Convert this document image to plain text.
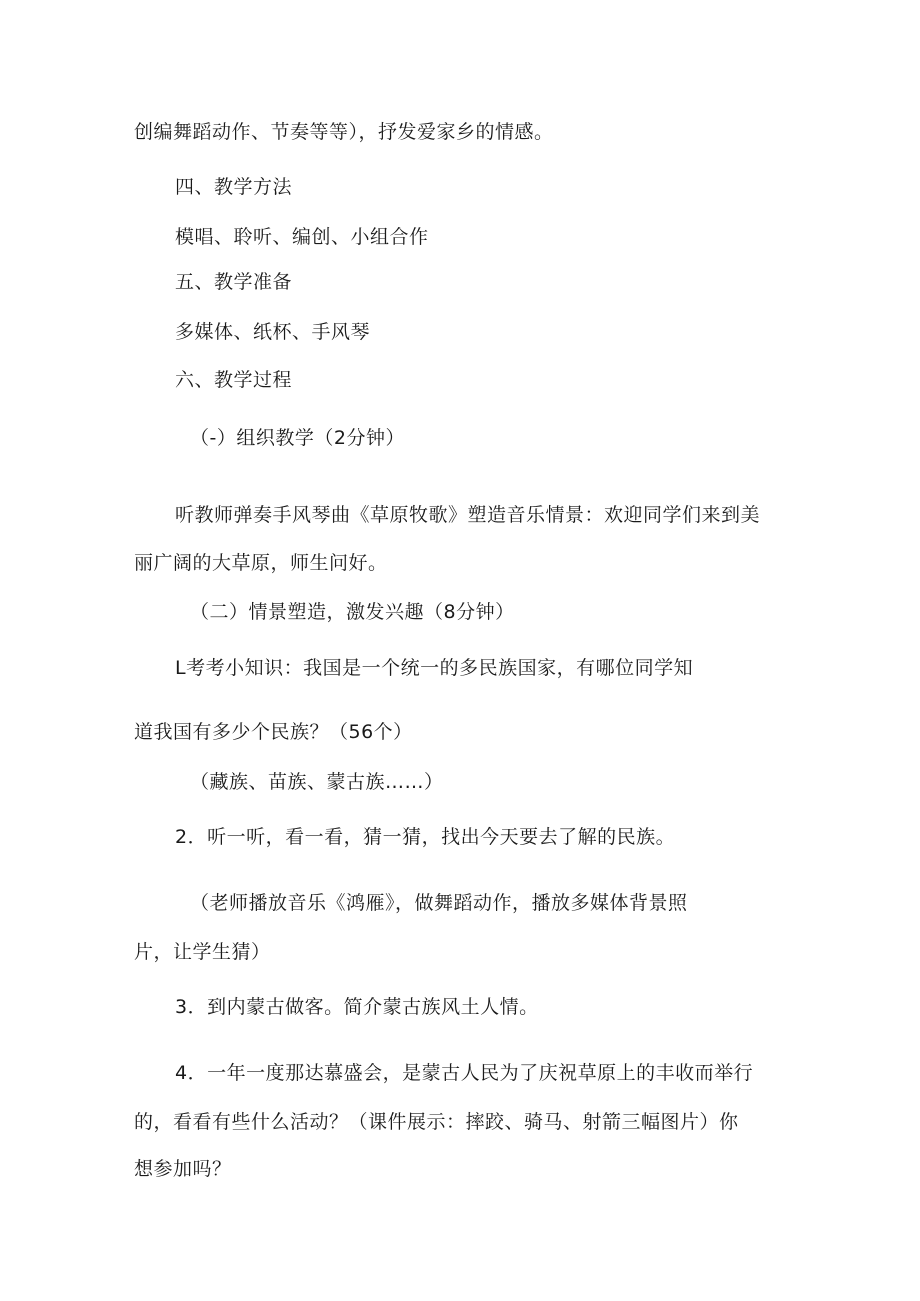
创编舞蹈动作、节奏等等），抒发爱家乡的情感。
四、教学方法
模唱、聆听、编创、小组合作
五、教学准备
多媒体、纸杯、手风琴
六、教学过程
（-）组织教学（2分钟）
听教师弹奏手风琴曲《草原牧歌》塑造音乐情景：欢迎同学们来到美
丽广阔的大草原，师生问好。
（二）情景塑造，激发兴趣（8分钟）
L考考小知识：我国是一个统一的多民族国家，有哪位同学知
道我国有多少个民族？（56个）
（藏族、苗族、蒙古族……）
2．听一听，看一看，猜一猜，找出今天要去了解的民族。
（老师播放音乐《鸿雁》，做舞蹈动作，播放多媒体背景照
片，让学生猜）
3．到内蒙古做客。简介蒙古族风土人情。
4．一年一度那达慕盛会，是蒙古人民为了庆祝草原上的丰收而举行
的，看看有些什么活动？（课件展示：摔跤、骑马、射箭三幅图片）你
想参加吗？
